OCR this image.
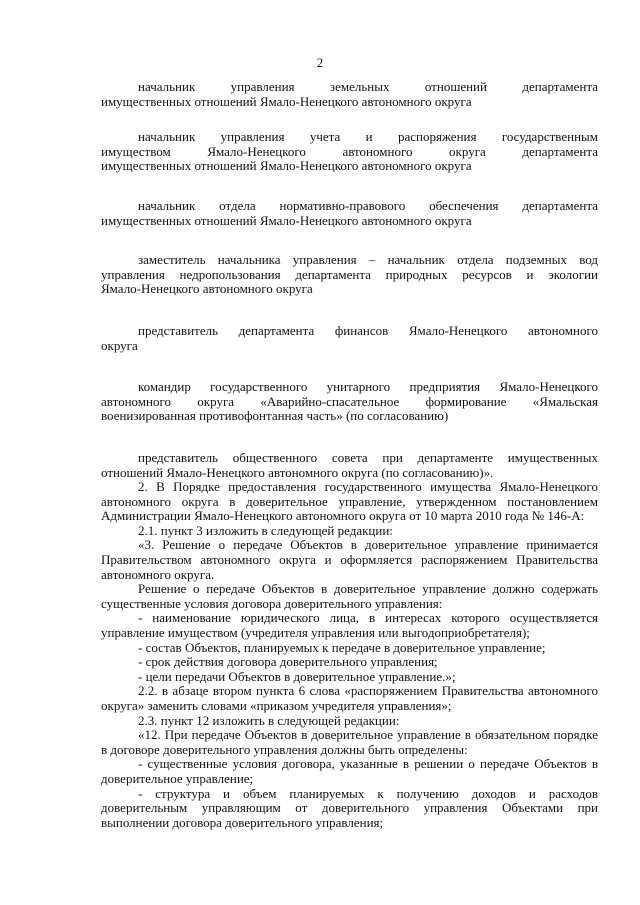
2

начальник управления земельных отношений департамента

имущественных отношений Ямало-Ненецкого автономного округа

начальник управления учета и распоряжения государственным

имуществом Ямало-Ненецкого автономного округа департамента

имущественных отношений Ямало-Ненецкого автономного округа

начальник отдела нормативно-правового обеспечения департамента

имущественных отношений Ямало-Ненецкого автономного округа

заместитель начальника управления – начальник отдела подземных вод

управления недропользования департамента природных ресурсов и экологии

Ямало-Ненецкого автономного округа

представитель департамента финансов Ямало-Ненецкого автономного

округа

командир государственного унитарного предприятия Ямало-Ненецкого

автономного округа «Аварийно-спасательное формирование «Ямальская

военизированная противофонтанная часть» (по согласованию)

представитель общественного совета при департаменте имущественных

отношений Ямало-Ненецкого автономного округа (по согласованию)».

2. В Порядке предоставления государственного имущества Ямало-Ненецкого автономного округа в доверительное управление, утвержденном постановлением Администрации Ямало-Ненецкого автономного округа от 10 марта 2010 года № 146-А:

2.1. пункт 3 изложить в следующей редакции:

«3. Решение о передаче Объектов в доверительное управление принимается Правительством автономного округа и оформляется распоряжением Правительства автономного округа.

Решение о передаче Объектов в доверительное управление должно содержать существенные условия договора доверительного управления:

- наименование юридического лица, в интересах которого осуществляется управление имуществом (учредителя управления или выгодоприобретателя);

- состав Объектов, планируемых к передаче в доверительное управление;

- срок действия договора доверительного управления;

- цели передачи Объектов в доверительное управление.»;

2.2. в абзаце втором пункта 6 слова «распоряжением Правительства автономного округа» заменить словами «приказом учредителя управления»;

2.3. пункт 12 изложить в следующей редакции:

«12. При передаче Объектов в доверительное управление в обязательном порядке в договоре доверительного управления должны быть определены:

- существенные условия договора, указанные в решении о передаче Объектов в доверительное управление;

- структура и объем планируемых к получению доходов и расходов доверительным управляющим от доверительного управления Объектами при выполнении договора доверительного управления;
